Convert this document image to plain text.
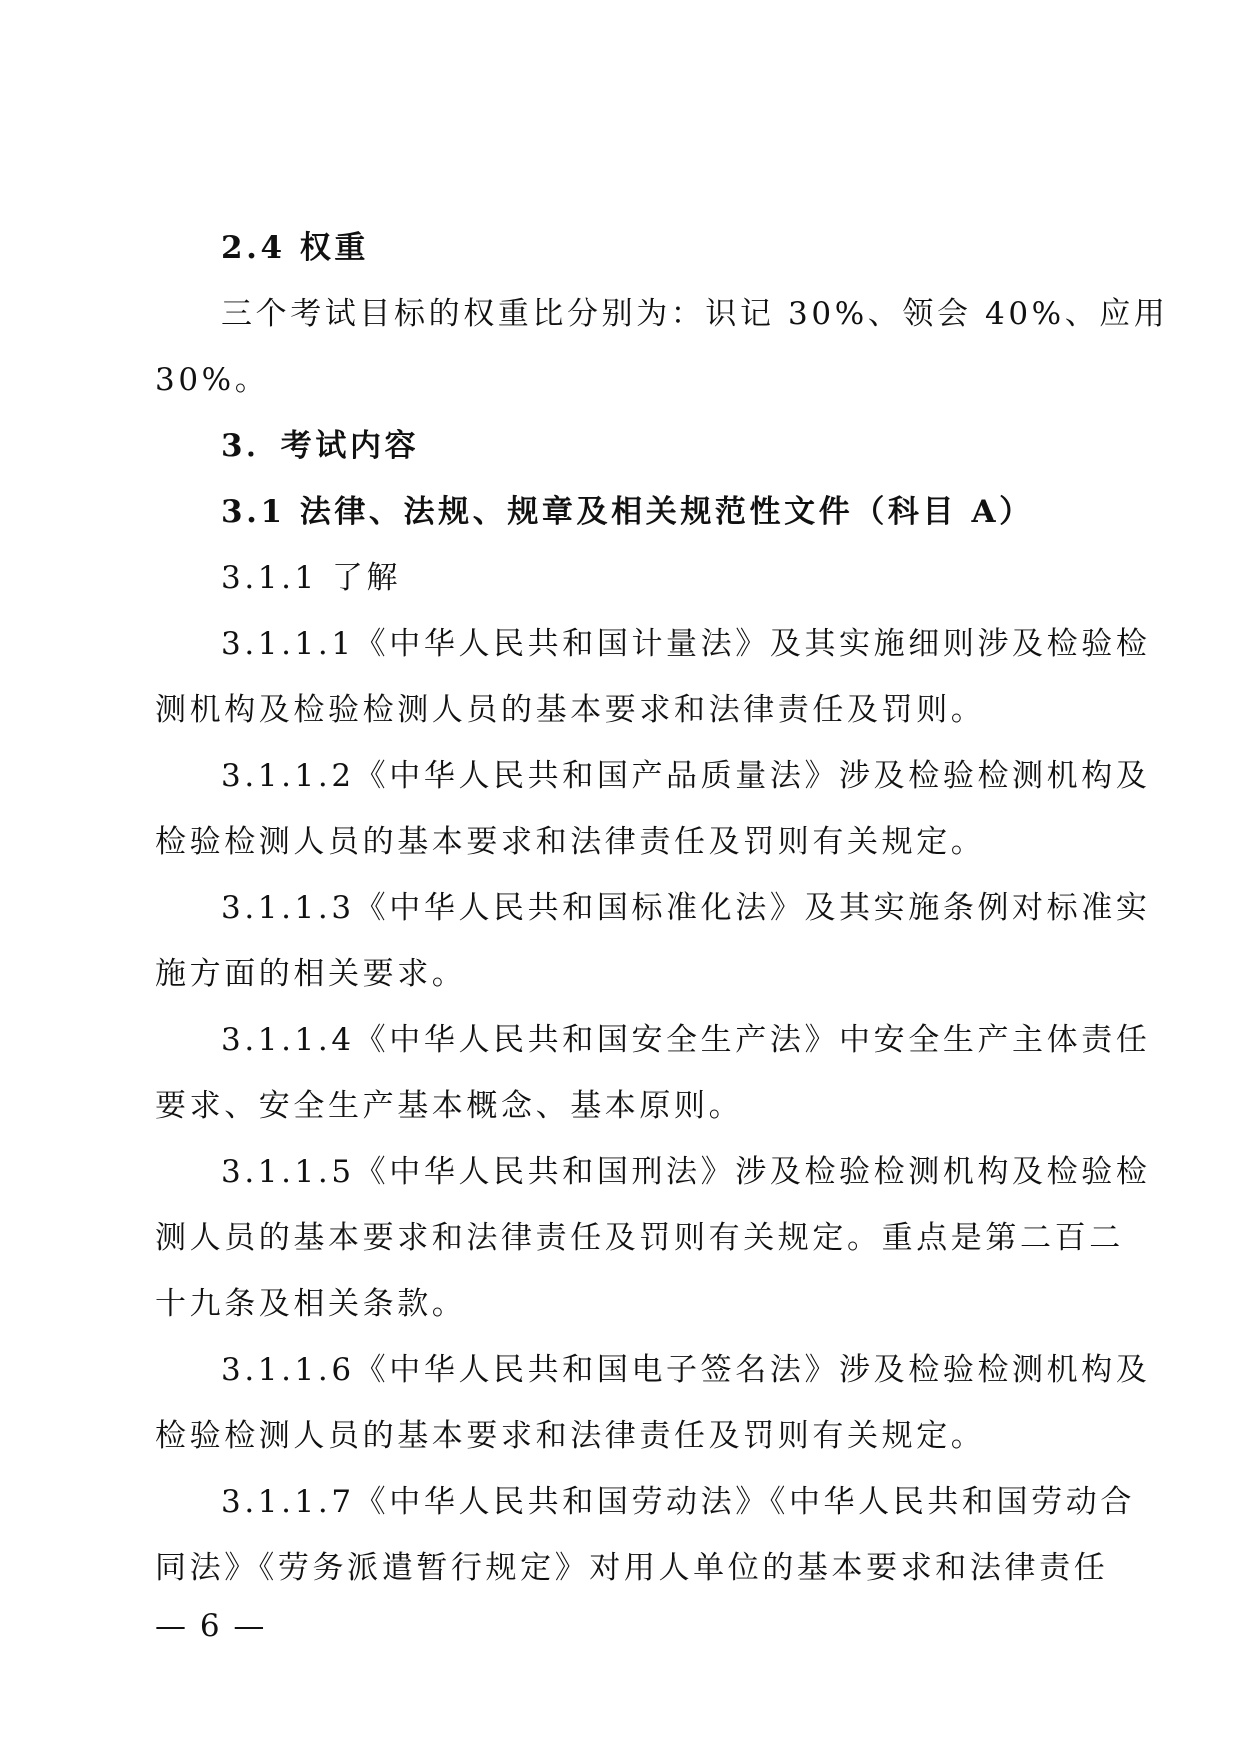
2.4 权重

三个考试目标的权重比分别为：识记 30%、领会 40%、应用

30%。

3．考试内容

3.1 法律、法规、规章及相关规范性文件（科目 A）

3.1.1 了解

3.1.1.1《中华人民共和国计量法》及其实施细则涉及检验检

测机构及检验检测人员的基本要求和法律责任及罚则。

3.1.1.2《中华人民共和国产品质量法》涉及检验检测机构及

检验检测人员的基本要求和法律责任及罚则有关规定。

3.1.1.3《中华人民共和国标准化法》及其实施条例对标准实

施方面的相关要求。

3.1.1.4《中华人民共和国安全生产法》中安全生产主体责任

要求、安全生产基本概念、基本原则。

3.1.1.5《中华人民共和国刑法》涉及检验检测机构及检验检

测人员的基本要求和法律责任及罚则有关规定。重点是第二百二

十九条及相关条款。

3.1.1.6《中华人民共和国电子签名法》涉及检验检测机构及

检验检测人员的基本要求和法律责任及罚则有关规定。

3.1.1.7《中华人民共和国劳动法》《中华人民共和国劳动合

同法》《劳务派遣暂行规定》对用人单位的基本要求和法律责任

— 6 —
